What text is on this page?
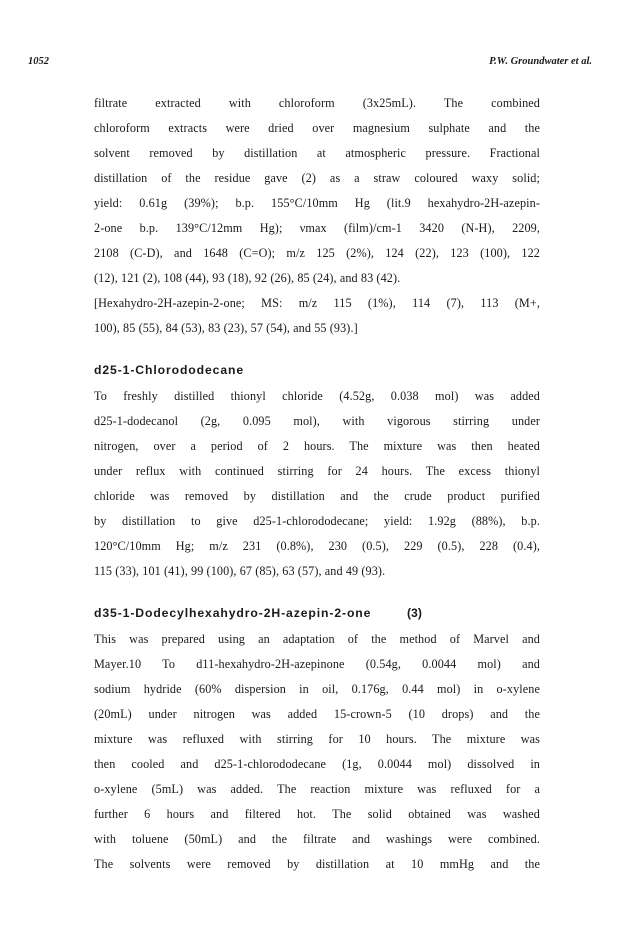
1052	P.W. Groundwater et al.
filtrate extracted with chloroform (3x25mL). The combined
chloroform extracts were dried over magnesium sulphate and the
solvent removed by distillation at atmospheric pressure. Fractional
distillation of the residue gave (2) as a straw coloured waxy solid;
yield: 0.61g (39%); b.p. 155°C/10mm Hg (lit.9 hexahydro-2H-azepin-
2-one b.p. 139°C/12mm Hg); νmax (film)/cm-1 3420 (N-H), 2209,
2108 (C-D), and 1648 (C=O); m/z 125 (2%), 124 (22), 123 (100), 122
(12), 121 (2), 108 (44), 93 (18), 92 (26), 85 (24), and 83 (42).
[Hexahydro-2H-azepin-2-one; MS: m/z 115 (1%), 114 (7), 113 (M+,
100), 85 (55), 84 (53), 83 (23), 57 (54), and 55 (93).]
d25-1-Chlorododecane
To freshly distilled thionyl chloride (4.52g, 0.038 mol) was added
d25-1-dodecanol (2g, 0.095 mol), with vigorous stirring under
nitrogen, over a period of 2 hours. The mixture was then heated
under reflux with continued stirring for 24 hours. The excess thionyl
chloride was removed by distillation and the crude product purified
by distillation to give d25-1-chlorododecane; yield: 1.92g (88%), b.p.
120°C/10mm Hg; m/z 231 (0.8%), 230 (0.5), 229 (0.5), 228 (0.4),
115 (33), 101 (41), 99 (100), 67 (85), 63 (57), and 49 (93).
d35-1-Dodecylhexahydro-2H-azepin-2-one	(3)
This was prepared using an adaptation of the method of Marvel and
Mayer.10 To d11-hexahydro-2H-azepinone (0.54g, 0.0044 mol) and
sodium hydride (60% dispersion in oil, 0.176g, 0.44 mol) in o-xylene
(20mL) under nitrogen was added 15-crown-5 (10 drops) and the
mixture was refluxed with stirring for 10 hours. The mixture was
then cooled and d25-1-chlorododecane (1g, 0.0044 mol) dissolved in
o-xylene (5mL) was added. The reaction mixture was refluxed for a
further 6 hours and filtered hot. The solid obtained was washed
with toluene (50mL) and the filtrate and washings were combined.
The solvents were removed by distillation at 10 mmHg and the
